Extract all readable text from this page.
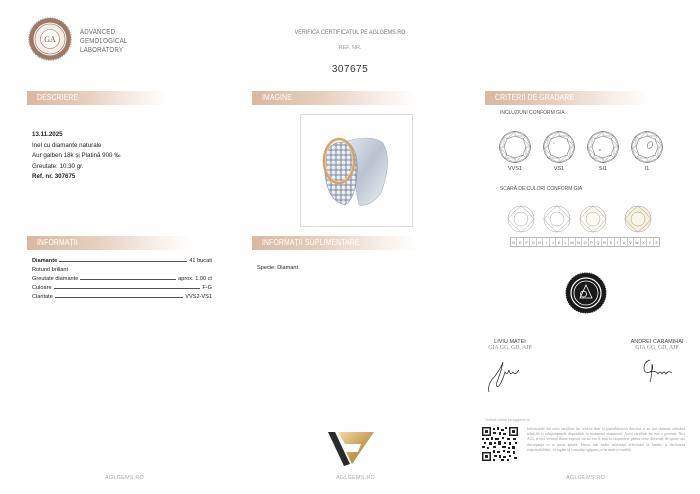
GA
ADVANCED
GEMOLOGICAL
LABORATORY
VERIFICĂ CERTIFICATUL PE AGLGEMS.RO
REF. NR.
307675
DESCRIERE
INFORMAȚII
IMAGINE
INFORMAȚII SUPLIMENTARE
CRITERII DE GRADARE
13.11.2025
Inel cu diamante naturale
Aur galben 18k și Platină 900 ‰
Greutate: 10.30 gr.
Ref. nr. 307675
Diamante	41 bucati
Rotund briliant
Greutate diamante	aprox. 1.00 ct
Culoare	F-G
Claritate	VVS2-VS1
Specie: Diamant
INCLUZIUNI CONFORM GIA
VVS1	VS1	SI1	I1
SCARĂ DE CULORI CONFORM GIA
D	E	F	G H	I	J	K	L	M N O P Q R	S	T	U	V W X	Y	Z
LIVIU MATEI
GIA GG, GD, AJP
ANDREI CARAMIHAI
GIA GG, GD, AJP
Verifică online pe aglgems.ro
Informațiile din acest certificat fac referire doar la piatra/bijuteria descrisă și au fost obținute utilizând tehnicile și echipamentele disponibile în momentul examinării. Acest certificat nu este o garanție. Nici AGL și nici vreunul dintre experții săi nu vor fi trași la răspundere pentru orice diferență de opinie sau discrepanță ce ar putea apărea. Pentru mai multe informații referitoare la limitări și declinarea responsabilității, vă rugăm să consultați aglgems.ro/termeni-și-condiții.
AGLGEMS.RO	AGLGEMS.RO	AGLGEMS.RO
